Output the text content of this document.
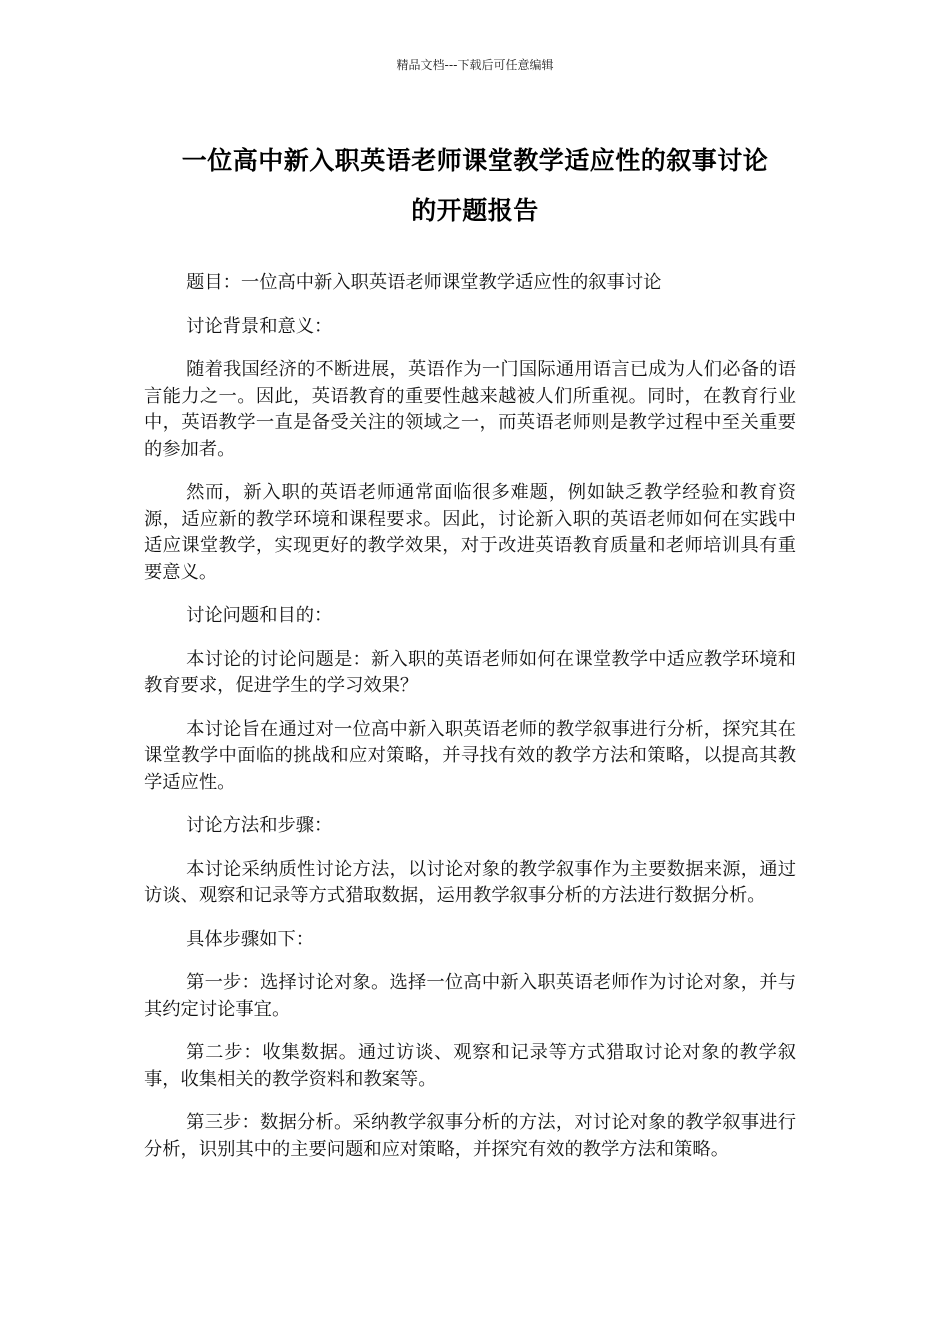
精品文档---下载后可任意编辑
一位高中新入职英语老师课堂教学适应性的叙事讨论
的开题报告

题目：一位高中新入职英语老师课堂教学适应性的叙事讨论

讨论背景和意义：

随着我国经济的不断进展，英语作为一门国际通用语言已成为人们必备的语言能力之一。因此，英语教育的重要性越来越被人们所重视。同时，在教育行业中，英语教学一直是备受关注的领域之一，而英语老师则是教学过程中至关重要的参加者。

然而，新入职的英语老师通常面临很多难题，例如缺乏教学经验和教育资源，适应新的教学环境和课程要求。因此，讨论新入职的英语老师如何在实践中适应课堂教学，实现更好的教学效果，对于改进英语教育质量和老师培训具有重要意义。

讨论问题和目的：

本讨论的讨论问题是：新入职的英语老师如何在课堂教学中适应教学环境和教育要求，促进学生的学习效果？

本讨论旨在通过对一位高中新入职英语老师的教学叙事进行分析，探究其在课堂教学中面临的挑战和应对策略，并寻找有效的教学方法和策略，以提高其教学适应性。

讨论方法和步骤：

本讨论采纳质性讨论方法，以讨论对象的教学叙事作为主要数据来源，通过访谈、观察和记录等方式猎取数据，运用教学叙事分析的方法进行数据分析。

具体步骤如下：

第一步：选择讨论对象。选择一位高中新入职英语老师作为讨论对象，并与其约定讨论事宜。

第二步：收集数据。通过访谈、观察和记录等方式猎取讨论对象的教学叙事，收集相关的教学资料和教案等。

第三步：数据分析。采纳教学叙事分析的方法，对讨论对象的教学叙事进行分析，识别其中的主要问题和应对策略，并探究有效的教学方法和策略。
